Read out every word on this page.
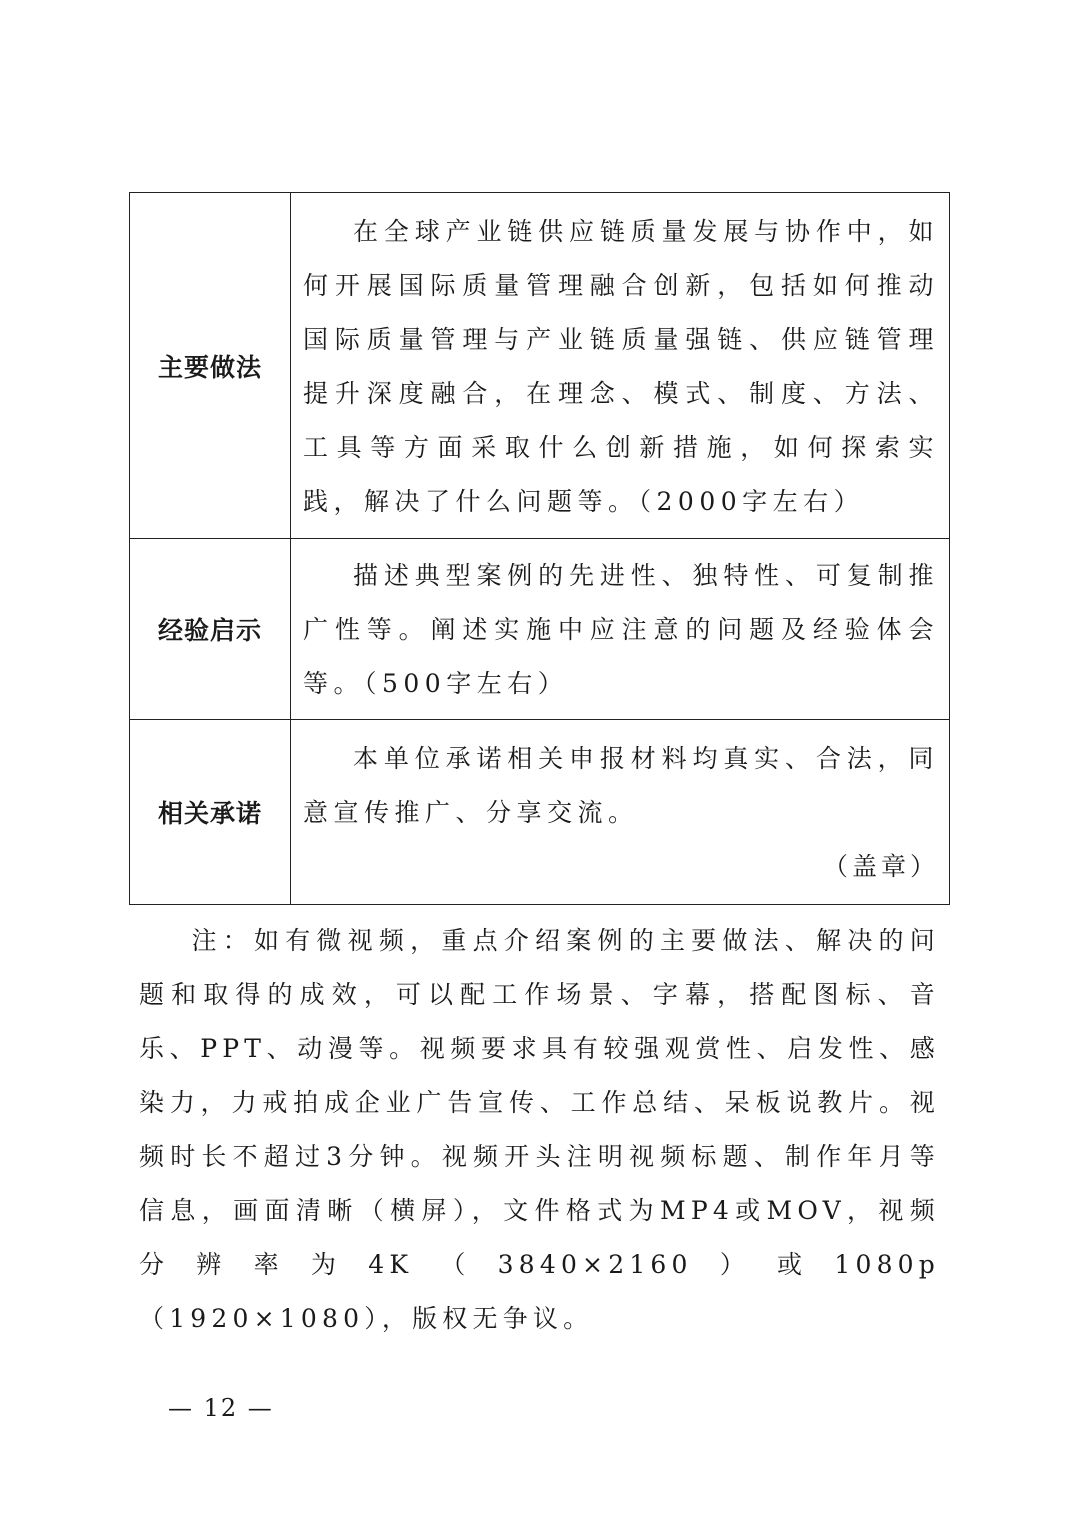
主要做法	在全球产业链供应链质量发展与协作中，如何开展国际质量管理融合创新，包括如何推动国际质量管理与产业链质量强链、供应链管理提升深度融合，在理念、模式、制度、方法、工具等方面采取什么创新措施，如何探索实践，解决了什么问题等。（2000字左右）
经验启示	描述典型案例的先进性、独特性、可复制推广性等。阐述实施中应注意的问题及经验体会等。（500字左右）
相关承诺	本单位承诺相关申报材料均真实、合法，同意宣传推广、分享交流。
（盖章）

注：如有微视频，重点介绍案例的主要做法、解决的问题和取得的成效，可以配工作场景、字幕，搭配图标、音乐、PPT、动漫等。视频要求具有较强观赏性、启发性、感染力，力戒拍成企业广告宣传、工作总结、呆板说教片。视频时长不超过3分钟。视频开头注明视频标题、制作年月等信息，画面清晰（横屏），文件格式为MP4或MOV，视频分辨率为4K（3840×2160）或1080p（1920×1080），版权无争议。

— 12 —
